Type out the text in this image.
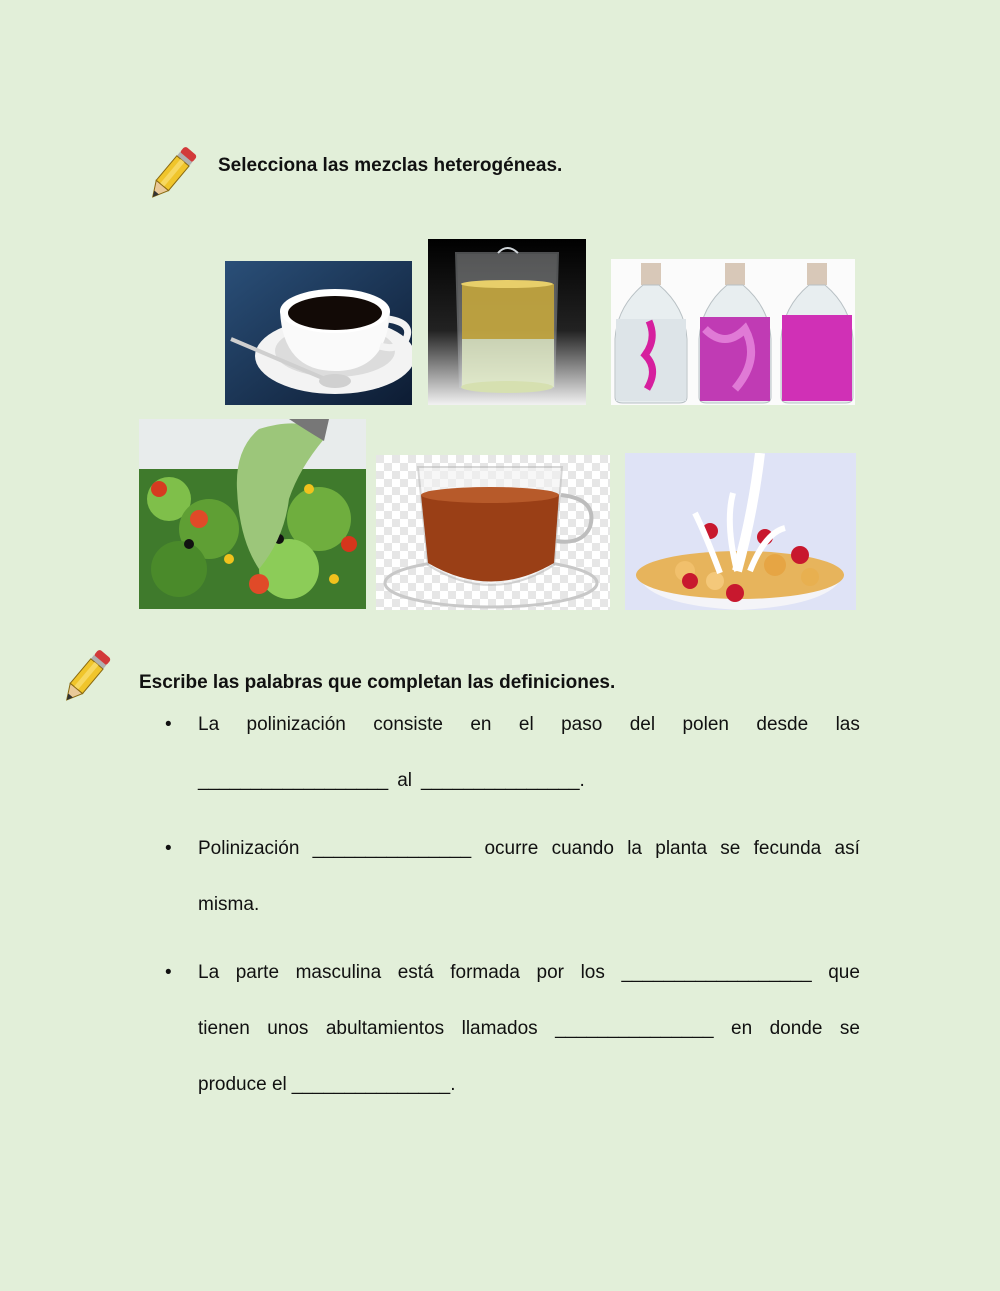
Selecciona las mezclas heterogéneas.
Escribe las palabras que completan las definiciones.
• La polinización consiste en el paso del polen desde las
__________________ al _______________.
• Polinización _______________ ocurre cuando la planta se fecunda así
misma.
• La parte masculina está formada por los __________________ que
tienen unos abultamientos llamados _______________ en donde se
produce el _______________.
